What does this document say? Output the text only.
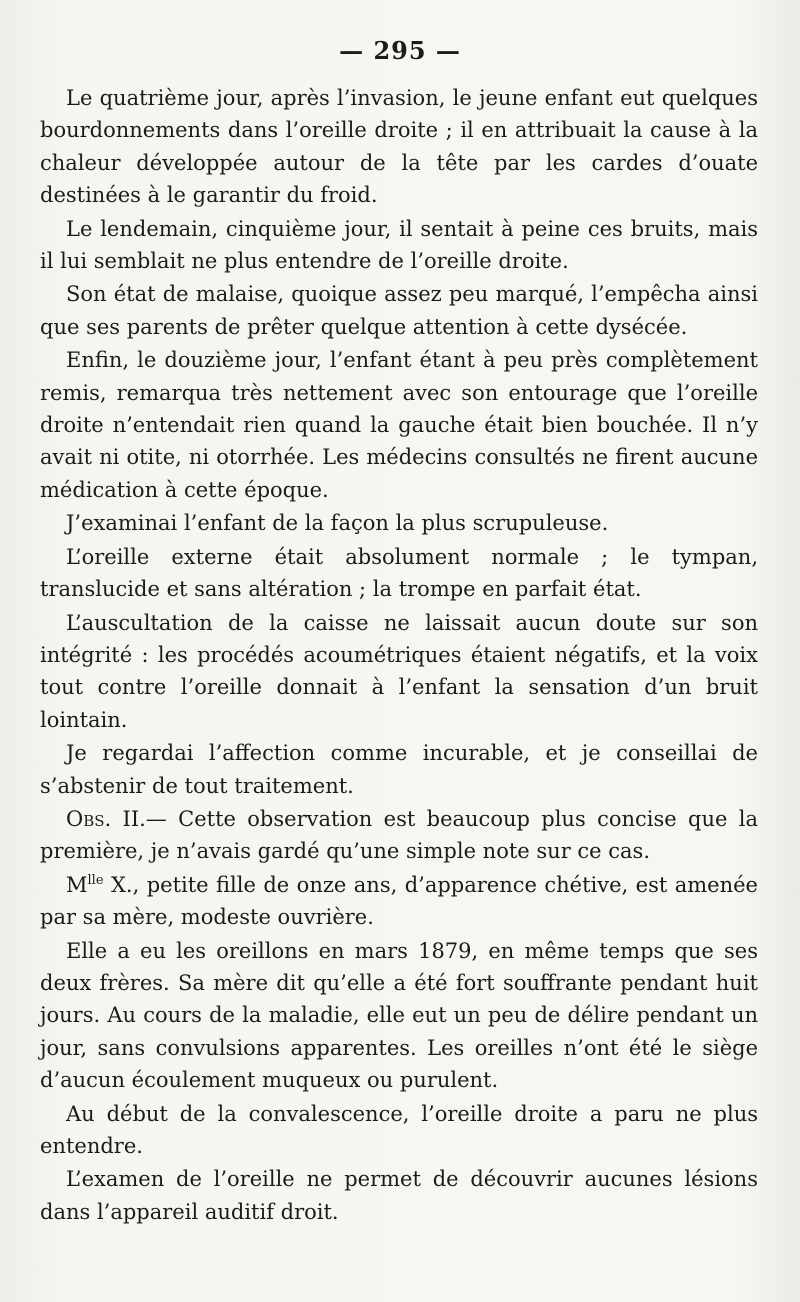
— 295 —

Le quatrième jour, après l’invasion, le jeune enfant eut quelques bourdonnements dans l’oreille droite ; il en attribuait la cause à la chaleur développée autour de la tête par les cardes d’ouate destinées à le garantir du froid.

Le lendemain, cinquième jour, il sentait à peine ces bruits, mais il lui semblait ne plus entendre de l’oreille droite.

Son état de malaise, quoique assez peu marqué, l’empêcha ainsi que ses parents de prêter quelque attention à cette dysécée.

Enfin, le douzième jour, l’enfant étant à peu près complètement remis, remarqua très nettement avec son entourage que l’oreille droite n’entendait rien quand la gauche était bien bouchée. Il n’y avait ni otite, ni otorrhée. Les médecins consultés ne firent aucune médication à cette époque.

J’examinai l’enfant de la façon la plus scrupuleuse.

L’oreille externe était absolument normale ; le tympan, translucide et sans altération ; la trompe en parfait état.

L’auscultation de la caisse ne laissait aucun doute sur son intégrité : les procédés acoumétriques étaient négatifs, et la voix tout contre l’oreille donnait à l’enfant la sensation d’un bruit lointain.

Je regardai l’affection comme incurable, et je conseillai de s’abstenir de tout traitement.

Obs. II.— Cette observation est beaucoup plus concise que la première, je n’avais gardé qu’une simple note sur ce cas.

$M^{lle}$ X., petite fille de onze ans, d’apparence chétive, est amenée par sa mère, modeste ouvrière.

Elle a eu les oreillons en mars 1879, en même temps que ses deux frères. Sa mère dit qu’elle a été fort souffrante pendant huit jours. Au cours de la maladie, elle eut un peu de délire pendant un jour, sans convulsions apparentes. Les oreilles n’ont été le siège d’aucun écoulement muqueux ou purulent.

Au début de la convalescence, l’oreille droite a paru ne plus entendre.

L’examen de l’oreille ne permet de découvrir aucunes lésions dans l’appareil auditif droit.
